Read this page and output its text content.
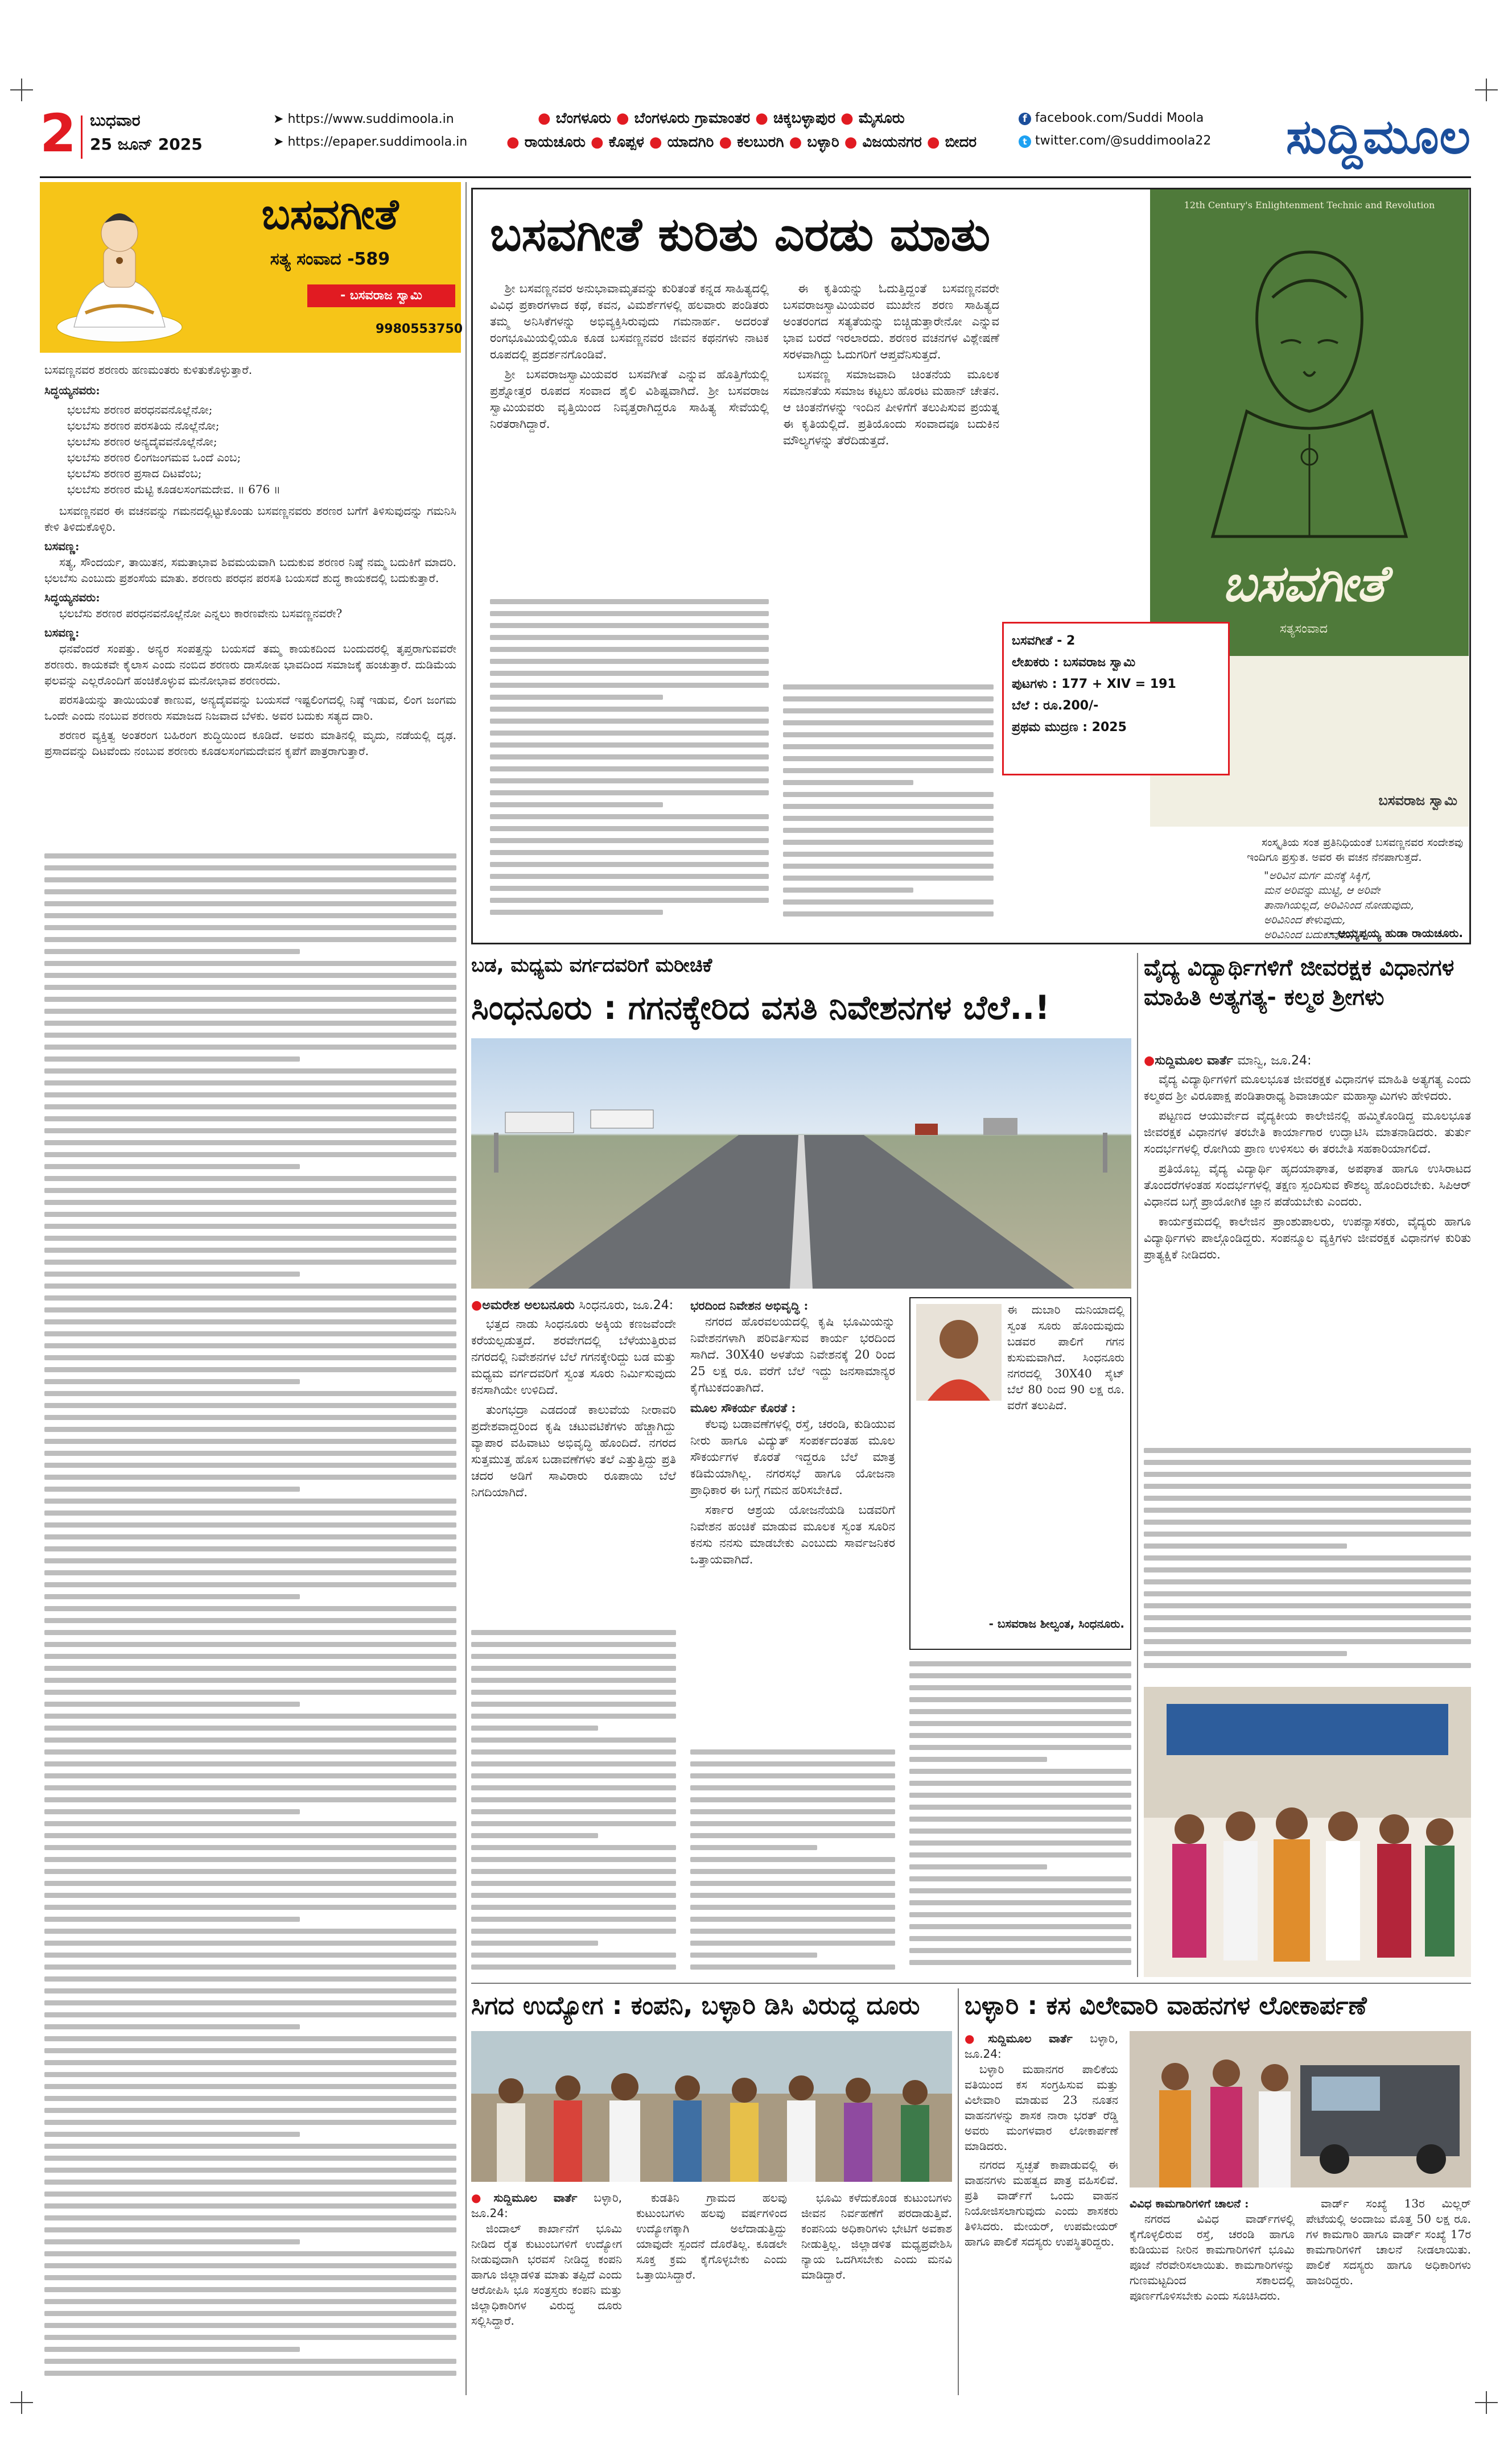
2 ಬುಧವಾರ
25 ಜೂನ್ 2025
➤ https://www.suddimoola.in
➤ https://epaper.suddimoola.in
● ಬೆಂಗಳೂರು ● ಬೆಂಗಳೂರು ಗ್ರಾಮಾಂತರ ● ಚಿಕ್ಕಬಳ್ಳಾಪುರ ● ಮೈಸೂರು
● ರಾಯಚೂರು ● ಕೊಪ್ಪಳ ● ಯಾದಗಿರಿ ● ಕಲಬುರಗಿ ● ಬಳ್ಳಾರಿ ● ವಿಜಯನಗರ ● ಬೀದರ
f facebook.com/Suddi Moola
t twitter.com/@suddimoola22	ಸುದ್ದಿಮೂಲ
ಬಸವಗೀತೆ
ಸತ್ಯ ಸಂವಾದ -589
- ಬಸವರಾಜ ಸ್ವಾಮಿ
9980553750
ಬಸವಣ್ಣನವರ ಶರಣರು ಹಣಮಂತರು ಕುಳಿತುಕೊಳ್ಳುತ್ತಾರೆ.
ಸಿದ್ಧಯ್ಯನವರು:
ಭಲಬೆಸು ಶರಣರ ಪರಧನವನೊಲ್ಲೆನೋ;
ಭಲಬೆಸು ಶರಣರ ಪರಸತಿಯ ನೊಲ್ಲೆನೋ;
ಭಲಬೆಸು ಶರಣರ ಅನ್ಯದೈವವನೊಲ್ಲೆನೋ;
ಭಲಬೆಸು ಶರಣರ ಲಿಂಗಜಂಗಮವ ಒಂದೆ ಎಂಬ;
ಭಲಬೆಸು ಶರಣರ ಪ್ರಸಾದ ದಿಟವೆಂಬ;
ಭಲಬೆಸು ಶರಣರ ಮೆಟ್ಟಿ ಕೂಡಲಸಂಗಮದೇವ. ॥ 676 ॥

ಬಸವಣ್ಣನವರ ಈ ವಚನವನ್ನು ಗಮನದಲ್ಲಿಟ್ಟುಕೊಂಡು ಬಸವಣ್ಣನವರು ಶರಣರ ಬಗೆಗೆ ತಿಳಿಸುವುದನ್ನು ಗಮನಿಸಿ ಕೇಳಿ ತಿಳಿದುಕೊಳ್ಳಿರಿ.

ಬಸವಣ್ಣ:

ಸತ್ಯ, ಸೌಂದರ್ಯ, ತಾಯಿತನ, ಸಮತಾಭಾವ ಶಿವಮಯವಾಗಿ ಬದುಕುವ ಶರಣರ ನಿಷ್ಠೆ ನಮ್ಮ ಬದುಕಿಗೆ ಮಾದರಿ. ಭಲಬೆಸು ಎಂಬುದು ಪ್ರಶಂಸೆಯ ಮಾತು. ಶರಣರು ಪರಧನ ಪರಸತಿ ಬಯಸದೆ ಶುದ್ಧ ಕಾಯಕದಲ್ಲಿ ಬದುಕುತ್ತಾರೆ.

ಸಿದ್ಧಯ್ಯನವರು:

ಭಲಬೆಸು ಶರಣರ ಪರಧನವನೊಲ್ಲೆನೋ ಎನ್ನಲು ಕಾರಣವೇನು ಬಸವಣ್ಣನವರೇ?

ಬಸವಣ್ಣ:

ಧನವೆಂದರೆ ಸಂಪತ್ತು. ಅನ್ಯರ ಸಂಪತ್ತನ್ನು ಬಯಸದೆ ತಮ್ಮ ಕಾಯಕದಿಂದ ಬಂದುದರಲ್ಲಿ ತೃಪ್ತರಾಗುವವರೇ ಶರಣರು. ಕಾಯಕವೇ ಕೈಲಾಸ ಎಂದು ನಂಬಿದ ಶರಣರು ದಾಸೋಹ ಭಾವದಿಂದ ಸಮಾಜಕ್ಕೆ ಹಂಚುತ್ತಾರೆ. ದುಡಿಮೆಯ ಫಲವನ್ನು ಎಲ್ಲರೊಂದಿಗೆ ಹಂಚಿಕೊಳ್ಳುವ ಮನೋಭಾವ ಶರಣರದು.

ಪರಸತಿಯನ್ನು ತಾಯಿಯಂತೆ ಕಾಣುವ, ಅನ್ಯದೈವವನ್ನು ಬಯಸದೆ ಇಷ್ಟಲಿಂಗದಲ್ಲಿ ನಿಷ್ಠೆ ಇಡುವ, ಲಿಂಗ ಜಂಗಮ ಒಂದೇ ಎಂದು ನಂಬುವ ಶರಣರು ಸಮಾಜದ ನಿಜವಾದ ಬೆಳಕು. ಅವರ ಬದುಕು ಸತ್ಯದ ದಾರಿ.

ಶರಣರ ವ್ಯಕ್ತಿತ್ವ ಅಂತರಂಗ ಬಹಿರಂಗ ಶುದ್ಧಿಯಿಂದ ಕೂಡಿದೆ. ಅವರು ಮಾತಿನಲ್ಲಿ ಮೃದು, ನಡೆಯಲ್ಲಿ ದೃಢ. ಪ್ರಸಾದವನ್ನು ದಿಟವೆಂದು ನಂಬುವ ಶರಣರು ಕೂಡಲಸಂಗಮದೇವನ ಕೃಪೆಗೆ ಪಾತ್ರರಾಗುತ್ತಾರೆ.

ಬಸವಗೀತೆ ಕುರಿತು ಎರಡು ಮಾತು
12th Century's Enlightenment Technic and Revolution
ಬಸವಗೀತೆ
ಸತ್ಯಸಂವಾದ
ಬಸವರಾಜ ಸ್ವಾಮಿ
ಬಸವಗೀತೆ - 2
ಲೇಖಕರು : ಬಸವರಾಜ ಸ್ವಾಮಿ
ಪುಟಗಳು : 177 + XIV = 191
ಬೆಲೆ : ರೂ.200/-
ಪ್ರಥಮ ಮುದ್ರಣ : 2025

ಶ್ರೀ ಬಸವಣ್ಣನವರ ಅನುಭಾವಾಮೃತವನ್ನು ಕುರಿತಂತೆ ಕನ್ನಡ ಸಾಹಿತ್ಯದಲ್ಲಿ ವಿವಿಧ ಪ್ರಕಾರಗಳಾದ ಕಥೆ, ಕವನ, ವಿಮರ್ಶೆಗಳಲ್ಲಿ ಹಲವಾರು ಪಂಡಿತರು ತಮ್ಮ ಅನಿಸಿಕೆಗಳನ್ನು ಅಭಿವ್ಯಕ್ತಿಸಿರುವುದು ಗಮನಾರ್ಹ. ಅದರಂತೆ ರಂಗಭೂಮಿಯಲ್ಲಿಯೂ ಕೂಡ ಬಸವಣ್ಣನವರ ಜೀವನ ಕಥನಗಳು ನಾಟಕ ರೂಪದಲ್ಲಿ ಪ್ರದರ್ಶನಗೊಂಡಿವೆ.

ಶ್ರೀ ಬಸವರಾಜಸ್ವಾಮಿಯವರ ಬಸವಗೀತೆ ಎನ್ನುವ ಹೊತ್ತಿಗೆಯಲ್ಲಿ ಪ್ರಶ್ನೋತ್ತರ ರೂಪದ ಸಂವಾದ ಶೈಲಿ ವಿಶಿಷ್ಟವಾಗಿದೆ. ಶ್ರೀ ಬಸವರಾಜ ಸ್ವಾಮಿಯವರು ವೃತ್ತಿಯಿಂದ ನಿವೃತ್ತರಾಗಿದ್ದರೂ ಸಾಹಿತ್ಯ ಸೇವೆಯಲ್ಲಿ ನಿರತರಾಗಿದ್ದಾರೆ.

ಈ ಕೃತಿಯನ್ನು ಓದುತ್ತಿದ್ದಂತೆ ಬಸವಣ್ಣನವರೇ ಬಸವರಾಜಸ್ವಾಮಿಯವರ ಮುಖೇನ ಶರಣ ಸಾಹಿತ್ಯದ ಅಂತರಂಗದ ಸತ್ಯತೆಯನ್ನು ಬಿಚ್ಚಿಡುತ್ತಾರೇನೋ ಎನ್ನುವ ಭಾವ ಬರದೆ ಇರಲಾರದು. ಶರಣರ ವಚನಗಳ ವಿಶ್ಲೇಷಣೆ ಸರಳವಾಗಿದ್ದು ಓದುಗರಿಗೆ ಆಪ್ತವೆನಿಸುತ್ತದೆ.

ಬಸವಣ್ಣ ಸಮಾಜವಾದಿ ಚಿಂತನೆಯ ಮೂಲಕ ಸಮಾನತೆಯ ಸಮಾಜ ಕಟ್ಟಲು ಹೊರಟ ಮಹಾನ್ ಚೇತನ. ಆ ಚಿಂತನೆಗಳನ್ನು ಇಂದಿನ ಪೀಳಿಗೆಗೆ ತಲುಪಿಸುವ ಪ್ರಯತ್ನ ಈ ಕೃತಿಯಲ್ಲಿದೆ. ಪ್ರತಿಯೊಂದು ಸಂವಾದವೂ ಬದುಕಿನ ಮೌಲ್ಯಗಳನ್ನು ತೆರೆದಿಡುತ್ತದೆ.

ಸಂಸ್ಕೃತಿಯ ಸಂತ ಪ್ರತಿನಿಧಿಯಂತೆ ಬಸವಣ್ಣನವರ ಸಂದೇಶವು ಇಂದಿಗೂ ಪ್ರಸ್ತುತ. ಅವರ ಈ ವಚನ ನೆನಪಾಗುತ್ತದೆ.

"ಅರಿವಿನ ಮರ್ಗ ಮನಕ್ಕೆ ಸಿಕ್ಕಿಗೆ,
ಮನ ಅರಿವನ್ನು ಮುಟ್ಟಿ, ಆ ಅರಿವೇ
ತಾನಾಗಿಯಲ್ಲದೆ, ಅರಿವಿನಿಂದ ನೋಡುವುದು,
ಅರಿವಿನಿಂದ ಕೇಳುವುದು,
ಅರಿವಿನಿಂದ ಬದುಕುವುದು,"
- ಆಯ್ಯಪ್ಪಯ್ಯ ಹುಡಾ ರಾಯಚೂರು.
ಬಡ, ಮಧ್ಯಮ ವರ್ಗದವರಿಗೆ ಮರೀಚಿಕೆ
ಸಿಂಧನೂರು : ಗಗನಕ್ಕೇರಿದ ವಸತಿ ನಿವೇಶನಗಳ ಬೆಲೆ..!
●ಅಮರೇಶ ಅಲಬನೂರು ಸಿಂಧನೂರು, ಜೂ.24:

ಭತ್ತದ ನಾಡು ಸಿಂಧನೂರು ಅಕ್ಕಿಯ ಕಣಜವೆಂದೇ ಕರೆಯಲ್ಪಡುತ್ತದೆ. ಶರವೇಗದಲ್ಲಿ ಬೆಳೆಯುತ್ತಿರುವ ನಗರದಲ್ಲಿ ನಿವೇಶನಗಳ ಬೆಲೆ ಗಗನಕ್ಕೇರಿದ್ದು ಬಡ ಮತ್ತು ಮಧ್ಯಮ ವರ್ಗದವರಿಗೆ ಸ್ವಂತ ಸೂರು ನಿರ್ಮಿಸುವುದು ಕನಸಾಗಿಯೇ ಉಳಿದಿದೆ.

ತುಂಗಭದ್ರಾ ಎಡದಂಡೆ ಕಾಲುವೆಯ ನೀರಾವರಿ ಪ್ರದೇಶವಾದ್ದರಿಂದ ಕೃಷಿ ಚಟುವಟಿಕೆಗಳು ಹೆಚ್ಚಾಗಿದ್ದು ವ್ಯಾಪಾರ ವಹಿವಾಟು ಅಭಿವೃದ್ಧಿ ಹೊಂದಿದೆ. ನಗರದ ಸುತ್ತಮುತ್ತ ಹೊಸ ಬಡಾವಣೆಗಳು ತಲೆ ಎತ್ತುತ್ತಿದ್ದು ಪ್ರತಿ ಚದರ ಅಡಿಗೆ ಸಾವಿರಾರು ರೂಪಾಯಿ ಬೆಲೆ ನಿಗದಿಯಾಗಿದೆ.

ಭರದಿಂದ ನಿವೇಶನ ಅಭಿವೃದ್ಧಿ :

ನಗರದ ಹೊರವಲಯದಲ್ಲಿ ಕೃಷಿ ಭೂಮಿಯನ್ನು ನಿವೇಶನಗಳಾಗಿ ಪರಿವರ್ತಿಸುವ ಕಾರ್ಯ ಭರದಿಂದ ಸಾಗಿದೆ. 30X40 ಅಳತೆಯ ನಿವೇಶನಕ್ಕೆ 20 ರಿಂದ 25 ಲಕ್ಷ ರೂ. ವರೆಗೆ ಬೆಲೆ ಇದ್ದು ಜನಸಾಮಾನ್ಯರ ಕೈಗೆಟುಕದಂತಾಗಿದೆ.

ಮೂಲ ಸೌಕರ್ಯ ಕೊರತೆ :

ಕೆಲವು ಬಡಾವಣೆಗಳಲ್ಲಿ ರಸ್ತೆ, ಚರಂಡಿ, ಕುಡಿಯುವ ನೀರು ಹಾಗೂ ವಿದ್ಯುತ್ ಸಂಪರ್ಕದಂತಹ ಮೂಲ ಸೌಕರ್ಯಗಳ ಕೊರತೆ ಇದ್ದರೂ ಬೆಲೆ ಮಾತ್ರ ಕಡಿಮೆಯಾಗಿಲ್ಲ. ನಗರಸಭೆ ಹಾಗೂ ಯೋಜನಾ ಪ್ರಾಧಿಕಾರ ಈ ಬಗ್ಗೆ ಗಮನ ಹರಿಸಬೇಕಿದೆ.

ಸರ್ಕಾರ ಆಶ್ರಯ ಯೋಜನೆಯಡಿ ಬಡವರಿಗೆ ನಿವೇಶನ ಹಂಚಿಕೆ ಮಾಡುವ ಮೂಲಕ ಸ್ವಂತ ಸೂರಿನ ಕನಸು ನನಸು ಮಾಡಬೇಕು ಎಂಬುದು ಸಾರ್ವಜನಿಕರ ಒತ್ತಾಯವಾಗಿದೆ.

ಈ ದುಬಾರಿ ದುನಿಯಾದಲ್ಲಿ ಸ್ವಂತ ಸೂರು ಹೊಂದುವುದು ಬಡವರ ಪಾಲಿಗೆ ಗಗನ ಕುಸುಮವಾಗಿದೆ. ಸಿಂಧನೂರು ನಗರದಲ್ಲಿ 30X40 ಸೈಟ್ ಬೆಲೆ 80 ರಿಂದ 90 ಲಕ್ಷ ರೂ. ವರೆಗೆ ತಲುಪಿದೆ.
- ಬಸವರಾಜ ಶೀಲ್ವಂತ, ಸಿಂಧನೂರು.
ವೈದ್ಯ ವಿದ್ಯಾರ್ಥಿಗಳಿಗೆ ಜೀವರಕ್ಷಕ ವಿಧಾನಗಳ ಮಾಹಿತಿ ಅತ್ಯಗತ್ಯ- ಕಲ್ಮಠ ಶ್ರೀಗಳು
●ಸುದ್ದಿಮೂಲ ವಾರ್ತೆ ಮಾನ್ವಿ, ಜೂ.24:

ವೈದ್ಯ ವಿದ್ಯಾರ್ಥಿಗಳಿಗೆ ಮೂಲಭೂತ ಜೀವರಕ್ಷಕ ವಿಧಾನಗಳ ಮಾಹಿತಿ ಅತ್ಯಗತ್ಯ ಎಂದು ಕಲ್ಮಠದ ಶ್ರೀ ವಿರೂಪಾಕ್ಷ ಪಂಡಿತಾರಾಧ್ಯ ಶಿವಾಚಾರ್ಯ ಮಹಾಸ್ವಾಮಿಗಳು ಹೇಳಿದರು.

ಪಟ್ಟಣದ ಆಯುರ್ವೇದ ವೈದ್ಯಕೀಯ ಕಾಲೇಜಿನಲ್ಲಿ ಹಮ್ಮಿಕೊಂಡಿದ್ದ ಮೂಲಭೂತ ಜೀವರಕ್ಷಕ ವಿಧಾನಗಳ ತರಬೇತಿ ಕಾರ್ಯಾಗಾರ ಉದ್ಘಾಟಿಸಿ ಮಾತನಾಡಿದರು. ತುರ್ತು ಸಂದರ್ಭಗಳಲ್ಲಿ ರೋಗಿಯ ಪ್ರಾಣ ಉಳಿಸಲು ಈ ತರಬೇತಿ ಸಹಕಾರಿಯಾಗಲಿದೆ.

ಪ್ರತಿಯೊಬ್ಬ ವೈದ್ಯ ವಿದ್ಯಾರ್ಥಿ ಹೃದಯಾಘಾತ, ಅಪಘಾತ ಹಾಗೂ ಉಸಿರಾಟದ ತೊಂದರೆಗಳಂತಹ ಸಂದರ್ಭಗಳಲ್ಲಿ ತಕ್ಷಣ ಸ್ಪಂದಿಸುವ ಕೌಶಲ್ಯ ಹೊಂದಿರಬೇಕು. ಸಿಪಿಆರ್ ವಿಧಾನದ ಬಗ್ಗೆ ಪ್ರಾಯೋಗಿಕ ಜ್ಞಾನ ಪಡೆಯಬೇಕು ಎಂದರು.

ಕಾರ್ಯಕ್ರಮದಲ್ಲಿ ಕಾಲೇಜಿನ ಪ್ರಾಂಶುಪಾಲರು, ಉಪನ್ಯಾಸಕರು, ವೈದ್ಯರು ಹಾಗೂ ವಿದ್ಯಾರ್ಥಿಗಳು ಪಾಲ್ಗೊಂಡಿದ್ದರು. ಸಂಪನ್ಮೂಲ ವ್ಯಕ್ತಿಗಳು ಜೀವರಕ್ಷಕ ವಿಧಾನಗಳ ಕುರಿತು ಪ್ರಾತ್ಯಕ್ಷಿಕೆ ನೀಡಿದರು.

ಸಿಗದ ಉದ್ಯೋಗ : ಕಂಪನಿ, ಬಳ್ಳಾರಿ ಡಿಸಿ ವಿರುದ್ಧ ದೂರು
●ಸುದ್ದಿಮೂಲ ವಾರ್ತೆ ಬಳ್ಳಾರಿ, ಜೂ.24:

ಜಿಂದಾಲ್ ಕಾರ್ಖಾನೆಗೆ ಭೂಮಿ ನೀಡಿದ ರೈತ ಕುಟುಂಬಗಳಿಗೆ ಉದ್ಯೋಗ ನೀಡುವುದಾಗಿ ಭರವಸೆ ನೀಡಿದ್ದ ಕಂಪನಿ ಹಾಗೂ ಜಿಲ್ಲಾಡಳಿತ ಮಾತು ತಪ್ಪಿದೆ ಎಂದು ಆರೋಪಿಸಿ ಭೂ ಸಂತ್ರಸ್ತರು ಕಂಪನಿ ಮತ್ತು ಜಿಲ್ಲಾಧಿಕಾರಿಗಳ ವಿರುದ್ಧ ದೂರು ಸಲ್ಲಿಸಿದ್ದಾರೆ.

ಕುಡತಿನಿ ಗ್ರಾಮದ ಹಲವು ಕುಟುಂಬಗಳು ಹಲವು ವರ್ಷಗಳಿಂದ ಉದ್ಯೋಗಕ್ಕಾಗಿ ಅಲೆದಾಡುತ್ತಿದ್ದು ಯಾವುದೇ ಸ್ಪಂದನೆ ದೊರೆತಿಲ್ಲ. ಕೂಡಲೇ ಸೂಕ್ತ ಕ್ರಮ ಕೈಗೊಳ್ಳಬೇಕು ಎಂದು ಒತ್ತಾಯಿಸಿದ್ದಾರೆ.

ಭೂಮಿ ಕಳೆದುಕೊಂಡ ಕುಟುಂಬಗಳು ಜೀವನ ನಿರ್ವಹಣೆಗೆ ಪರದಾಡುತ್ತಿವೆ. ಕಂಪನಿಯ ಅಧಿಕಾರಿಗಳು ಭೇಟಿಗೆ ಅವಕಾಶ ನೀಡುತ್ತಿಲ್ಲ. ಜಿಲ್ಲಾಡಳಿತ ಮಧ್ಯಪ್ರವೇಶಿಸಿ ನ್ಯಾಯ ಒದಗಿಸಬೇಕು ಎಂದು ಮನವಿ ಮಾಡಿದ್ದಾರೆ.

ಬಳ್ಳಾರಿ : ಕಸ ವಿಲೇವಾರಿ ವಾಹನಗಳ ಲೋಕಾರ್ಪಣೆ
●ಸುದ್ದಿಮೂಲ ವಾರ್ತೆ ಬಳ್ಳಾರಿ, ಜೂ.24:

ಬಳ್ಳಾರಿ ಮಹಾನಗರ ಪಾಲಿಕೆಯ ವತಿಯಿಂದ ಕಸ ಸಂಗ್ರಹಿಸುವ ಮತ್ತು ವಿಲೇವಾರಿ ಮಾಡುವ 23 ನೂತನ ವಾಹನಗಳನ್ನು ಶಾಸಕ ನಾರಾ ಭರತ್ ರೆಡ್ಡಿ ಅವರು ಮಂಗಳವಾರ ಲೋಕಾರ್ಪಣೆ ಮಾಡಿದರು.

ನಗರದ ಸ್ವಚ್ಛತೆ ಕಾಪಾಡುವಲ್ಲಿ ಈ ವಾಹನಗಳು ಮಹತ್ವದ ಪಾತ್ರ ವಹಿಸಲಿವೆ. ಪ್ರತಿ ವಾರ್ಡ್‌ಗೆ ಒಂದು ವಾಹನ ನಿಯೋಜಿಸಲಾಗುವುದು ಎಂದು ಶಾಸಕರು ತಿಳಿಸಿದರು. ಮೇಯರ್, ಉಪಮೇಯರ್ ಹಾಗೂ ಪಾಲಿಕೆ ಸದಸ್ಯರು ಉಪಸ್ಥಿತರಿದ್ದರು.

ವಿವಿಧ ಕಾಮಗಾರಿಗಳಿಗೆ ಚಾಲನೆ :

ನಗರದ ವಿವಿಧ ವಾರ್ಡ್‌ಗಳಲ್ಲಿ ಕೈಗೊಳ್ಳಲಿರುವ ರಸ್ತೆ, ಚರಂಡಿ ಹಾಗೂ ಕುಡಿಯುವ ನೀರಿನ ಕಾಮಗಾರಿಗಳಿಗೆ ಭೂಮಿ ಪೂಜೆ ನೆರವೇರಿಸಲಾಯಿತು. ಕಾಮಗಾರಿಗಳನ್ನು ಗುಣಮಟ್ಟದಿಂದ ಸಕಾಲದಲ್ಲಿ ಪೂರ್ಣಗೊಳಿಸಬೇಕು ಎಂದು ಸೂಚಿಸಿದರು.

ವಾರ್ಡ್ ಸಂಖ್ಯೆ 13ರ ಮಿಲ್ಲರ್ ಪೇಟೆಯಲ್ಲಿ ಅಂದಾಜು ಮೊತ್ತ 50 ಲಕ್ಷ ರೂ. ಗಳ ಕಾಮಗಾರಿ ಹಾಗೂ ವಾರ್ಡ್ ಸಂಖ್ಯೆ 17ರ ಕಾಮಗಾರಿಗಳಿಗೆ ಚಾಲನೆ ನೀಡಲಾಯಿತು. ಪಾಲಿಕೆ ಸದಸ್ಯರು ಹಾಗೂ ಅಧಿಕಾರಿಗಳು ಹಾಜರಿದ್ದರು.
